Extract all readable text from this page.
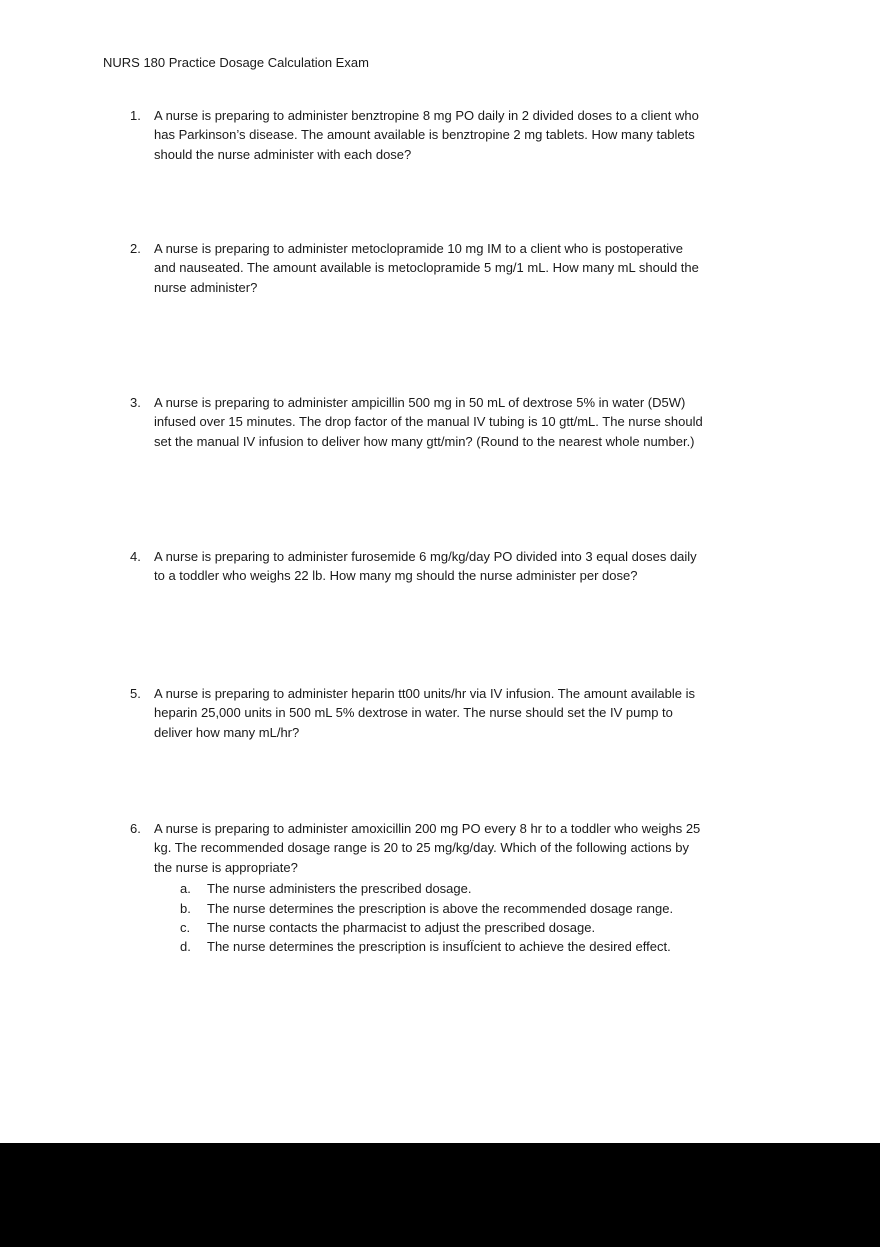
NURS 180 Practice Dosage Calculation Exam
1.	A nurse is preparing to administer benztropine 8 mg PO daily in 2 divided doses to a client who
has Parkinson’s disease. The amount available is benztropine 2 mg tablets. How many tablets
should the nurse administer with each dose?
2.	A nurse is preparing to administer metoclopramide 10 mg IM to a client who is postoperative
and nauseated. The amount available is metoclopramide 5 mg/1 mL. How many mL should the
nurse administer?
3.	A nurse is preparing to administer ampicillin 500 mg in 50 mL of dextrose 5% in water (D5W)
infused over 15 minutes. The drop factor of the manual IV tubing is 10 gtt/mL. The nurse should
set the manual IV infusion to deliver how many gtt/min? (Round to the nearest whole number.)
4.	A nurse is preparing to administer furosemide 6 mg/kg/day PO divided into 3 equal doses daily
to a toddler who weighs 22 lb. How many mg should the nurse administer per dose?
5.	A nurse is preparing to administer heparin tt00 units/hr via IV infusion. The amount available is
heparin 25,000 units in 500 mL 5% dextrose in water. The nurse should set the IV pump to
deliver how many mL/hr?
6.	A nurse is preparing to administer amoxicillin 200 mg PO every 8 hr to a toddler who weighs 25
kg. The recommended dosage range is 20 to 25 mg/kg/day. Which of the following actions by
the nurse is appropriate?
a.	The nurse administers the prescribed dosage.
b.	The nurse determines the prescription is above the recommended dosage range.
c.	The nurse contacts the pharmacist to adjust the prescribed dosage.
d.	The nurse determines the prescription is insufÏcient to achieve the desired effect.
